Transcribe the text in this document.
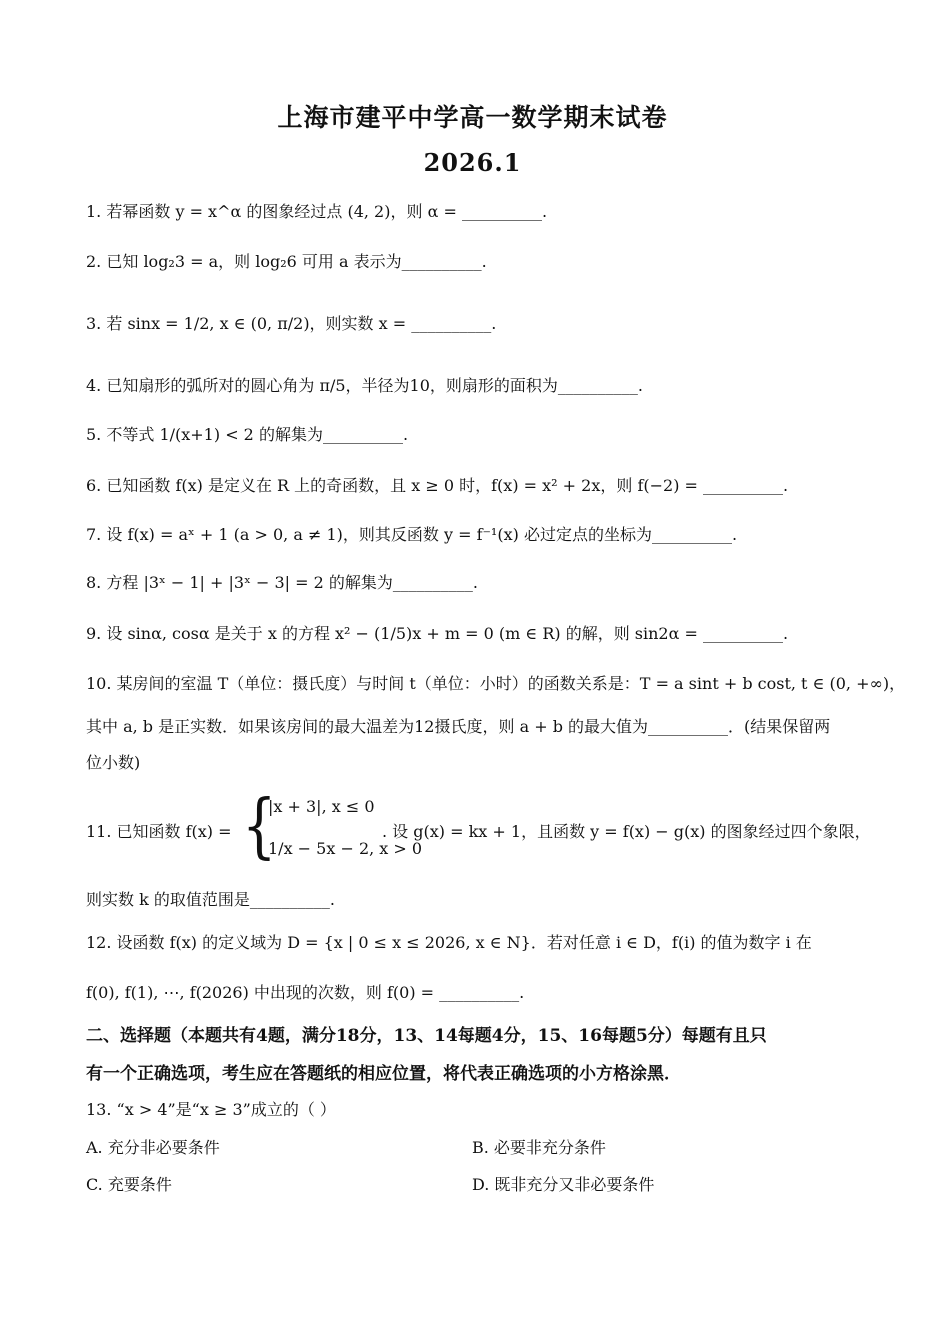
上海市建平中学高一数学期末试卷
2026.1
1. 若幂函数 y = x^α 的图象经过点 (4, 2)，则 α = __________.
2. 已知 log₂3 = a，则 log₂6 可用 a 表示为__________.
3. 若 sinx = 1/2, x ∈ (0, π/2)，则实数 x = __________.
4. 已知扇形的弧所对的圆心角为 π/5，半径为10，则扇形的面积为__________.
5. 不等式 1/(x+1) < 2 的解集为__________.
6. 已知函数 f(x) 是定义在 R 上的奇函数，且 x ≥ 0 时，f(x) = x² + 2x，则 f(−2) = __________.
7. 设 f(x) = aˣ + 1 (a > 0, a ≠ 1)，则其反函数 y = f⁻¹(x) 必过定点的坐标为__________.
8. 方程 |3ˣ − 1| + |3ˣ − 3| = 2 的解集为__________.
9. 设 sinα, cosα 是关于 x 的方程 x² − (1/5)x + m = 0 (m ∈ R) 的解，则 sin2α = __________.
10. 某房间的室温 T（单位：摄氏度）与时间 t（单位：小时）的函数关系是：T = a sint + b cost, t ∈ (0, +∞)，
其中 a, b 是正实数．如果该房间的最大温差为12摄氏度，则 a + b 的最大值为__________．(结果保留两
位小数)
11. 已知函数 f(x) = {
|x + 3|, x ≤ 0
1/x − 5x − 2, x > 0
. 设 g(x) = kx + 1，且函数 y = f(x) − g(x) 的图象经过四个象限，
则实数 k 的取值范围是__________.
12. 设函数 f(x) 的定义域为 D = {x | 0 ≤ x ≤ 2026, x ∈ N}．若对任意 i ∈ D，f(i) 的值为数字 i 在
f(0), f(1), ⋯, f(2026) 中出现的次数，则 f(0) = __________.
二、选择题（本题共有4题，满分18分，13、14每题4分，15、16每题5分）每题有且只
有一个正确选项，考生应在答题纸的相应位置，将代表正确选项的小方格涂黑．
13. “x > 4”是“x ≥ 3”成立的（ ）
A. 充分非必要条件	B. 必要非充分条件
C. 充要条件	D. 既非充分又非必要条件
